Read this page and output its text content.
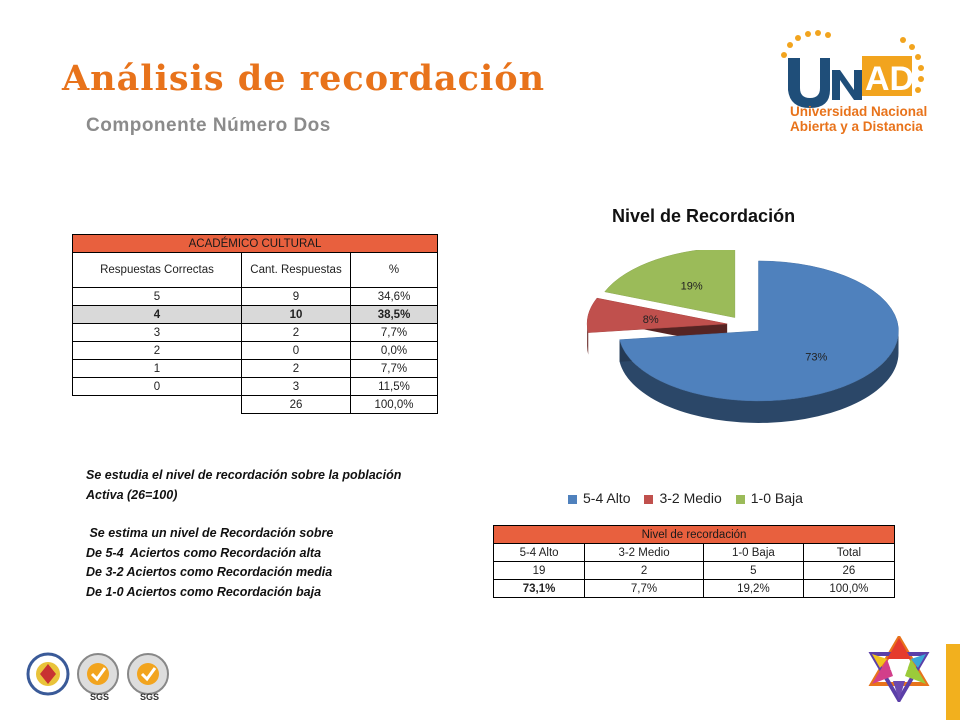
Análisis de recordación
Componente Número Dos
AD
Universidad Nacional
Abierta y a Distancia
ACADÉMICO CULTURAL		
Respuestas Correctas	Cant. Respuestas	%
5	9	34,6%
4	10	38,5%
3	2	7,7%
2	0	0,0%
1	2	7,7%
0	3	11,5%
	26	100,0%
Se estudia el nivel de recordación sobre la población
Activa (26=100)
Se estima un nivel de Recordación sobre
De 5-4  Aciertos como Recordación alta
De 3-2 Aciertos como Recordación media
De 1-0 Aciertos como Recordación baja
Nivel de Recordación
8%
19%
73%
5-4 Alto	3-2 Medio	1-0 Baja
Nivel de recordación			
5-4 Alto	3-2 Medio	1-0 Baja	Total
19	2	5	26
73,1%	7,7%	19,2%	100,0%
SGS	SGS
